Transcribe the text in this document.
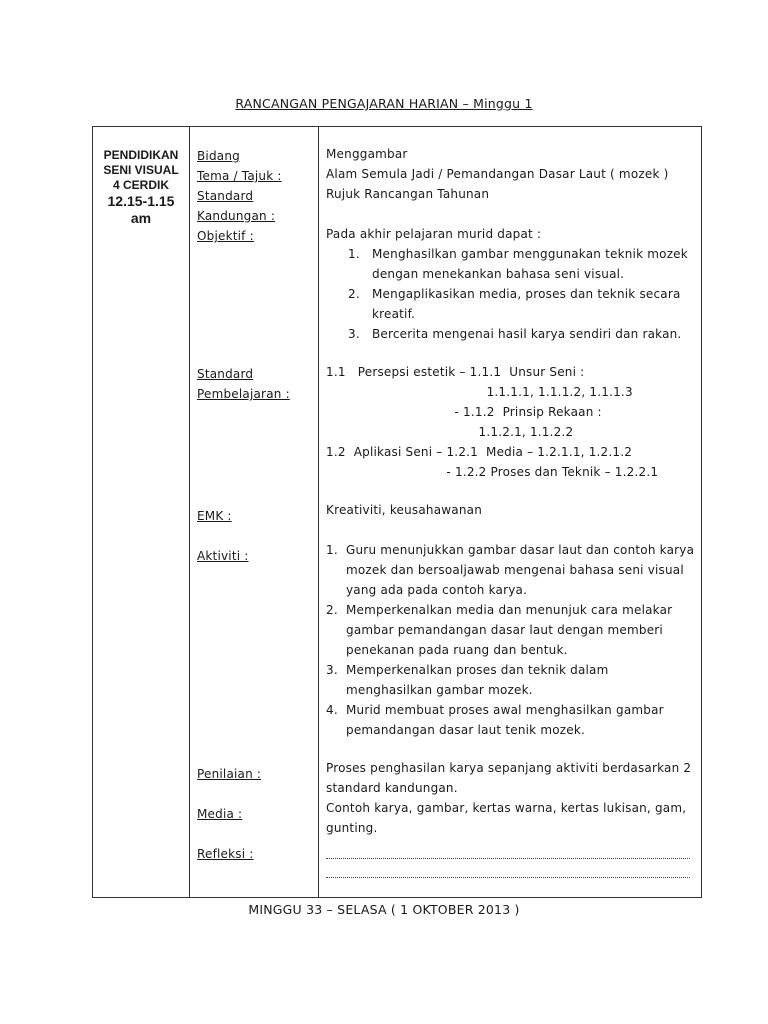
RANCANGAN PENGAJARAN HARIAN – Minggu 1
PENDIDIKAN
SENI VISUAL
4 CERDIK
12.15-1.15
am
Bidang
Tema / Tajuk :
Standard
Kandungan :
Objektif :
Standard
Pembelajaran :
EMK :
Aktiviti :
Penilaian :
Media :
Refleksi :

Menggambar

Alam Semula Jadi / Pemandangan Dasar Laut ( mozek )

Rujuk Rancangan Tahunan

Pada akhir pelajaran murid dapat :

1. Menghasilkan gambar menggunakan teknik mozek dengan menekankan bahasa seni visual.
2. Mengaplikasikan media, proses dan teknik secara kreatif.
3. Bercerita mengenai hasil karya sendiri dan rakan.
1.1   Persepsi estetik – 1.1.1  Unsur Seni :
1.1.1.1, 1.1.1.2, 1.1.1.3
- 1.1.2  Prinsip Rekaan :
1.1.2.1, 1.1.2.2
1.2  Aplikasi Seni – 1.2.1  Media – 1.2.1.1, 1.2.1.2
- 1.2.2 Proses dan Teknik – 1.2.2.1
Kreativiti, keusahawanan
1. Guru menunjukkan gambar dasar laut dan contoh karya mozek dan bersoaljawab mengenai bahasa seni visual yang ada pada contoh karya.
2. Memperkenalkan media dan menunjuk cara melakar gambar pemandangan dasar laut dengan memberi penekanan pada ruang dan bentuk.
3. Memperkenalkan proses dan teknik dalam menghasilkan gambar mozek.
4. Murid membuat proses awal menghasilkan gambar pemandangan dasar laut tenik mozek.

Proses penghasilan karya sepanjang aktiviti berdasarkan 2 standard kandungan.

Contoh karya, gambar, kertas warna, kertas lukisan, gam, gunting.

MINGGU 33 – SELASA ( 1 OKTOBER 2013 )
